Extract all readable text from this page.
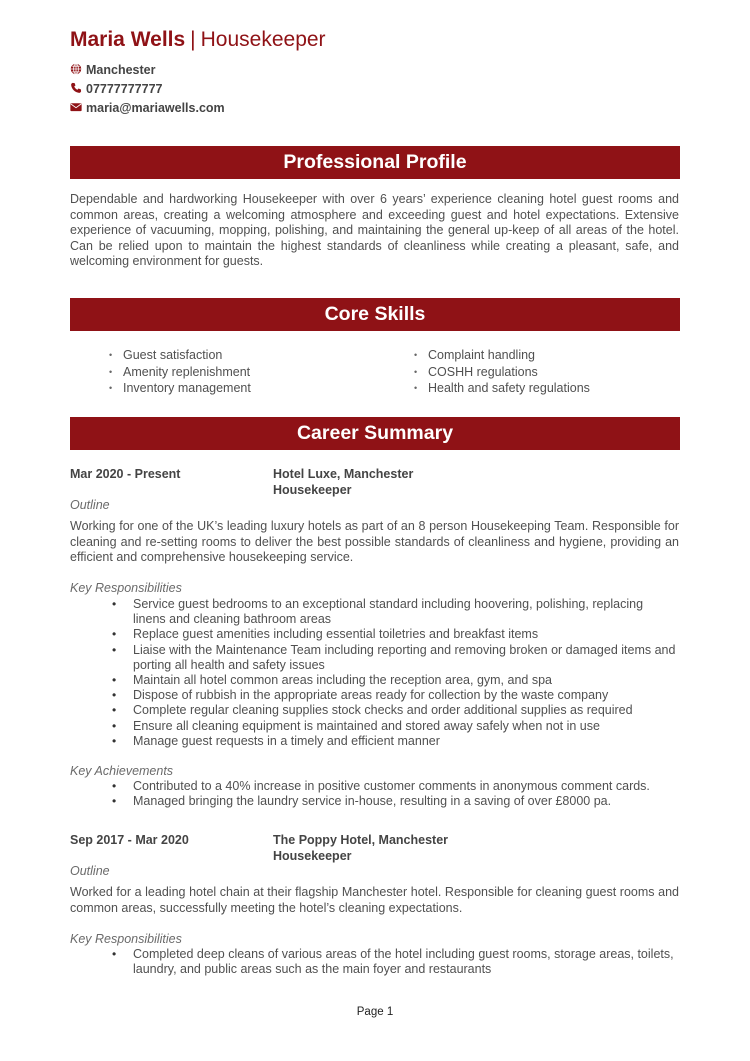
Maria Wells | Housekeeper
Manchester
07777777777
maria@mariawells.com
Professional Profile
Dependable and hardworking Housekeeper with over 6 years’ experience cleaning hotel guest rooms and common areas, creating a welcoming atmosphere and exceeding guest and hotel expectations. Extensive experience of vacuuming, mopping, polishing, and maintaining the general up-keep of all areas of the hotel. Can be relied upon to maintain the highest standards of cleanliness while creating a pleasant, safe, and welcoming environment for guests.
Core Skills
• Guest satisfaction
• Amenity replenishment
• Inventory management
• Complaint handling
• COSHH regulations
• Health and safety regulations
Career Summary
Mar 2020 - Present	Hotel Luxe, Manchester
Housekeeper
Outline
Working for one of the UK’s leading luxury hotels as part of an 8 person Housekeeping Team. Responsible for cleaning and re-setting rooms to deliver the best possible standards of cleanliness and hygiene, providing an efficient and comprehensive housekeeping service.
Key Responsibilities
• Service guest bedrooms to an exceptional standard including hoovering, polishing, replacing linens and cleaning bathroom areas
• Replace guest amenities including essential toiletries and breakfast items
• Liaise with the Maintenance Team including reporting and removing broken or damaged items and porting all health and safety issues
• Maintain all hotel common areas including the reception area, gym, and spa
• Dispose of rubbish in the appropriate areas ready for collection by the waste company
• Complete regular cleaning supplies stock checks and order additional supplies as required
• Ensure all cleaning equipment is maintained and stored away safely when not in use
• Manage guest requests in a timely and efficient manner
Key Achievements
• Contributed to a 40% increase in positive customer comments in anonymous comment cards.
• Managed bringing the laundry service in-house, resulting in a saving of over £8000 pa.
Sep 2017 - Mar 2020	The Poppy Hotel, Manchester
Housekeeper
Outline
Worked for a leading hotel chain at their flagship Manchester hotel. Responsible for cleaning guest rooms and common areas, successfully meeting the hotel’s cleaning expectations.
Key Responsibilities
• Completed deep cleans of various areas of the hotel including guest rooms, storage areas, toilets, laundry, and public areas such as the main foyer and restaurants
Page 1
